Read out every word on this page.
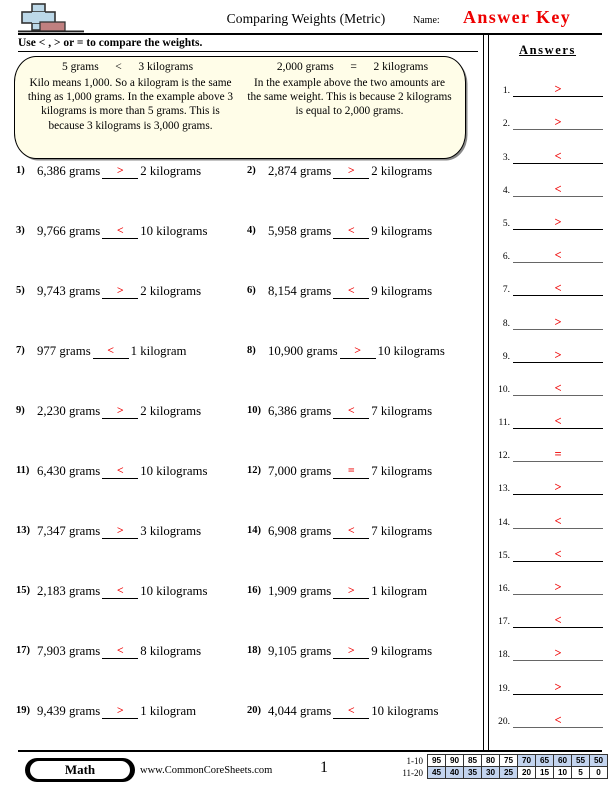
Comparing Weights (Metric)	Name: Answer Key
Use < , > or = to compare the weights.
5 grams < 3 kilograms	2,000 grams = 2 kilograms
Kilo means 1,000. So a kilogram is the same thing as 1,000 grams. In the example above 3 kilograms is more than 5 grams. This is because 3 kilograms is 3,000 grams.
In the example above the two amounts are the same weight. This is because 2 kilograms is equal to 2,000 grams.
1) 6,386 grams > 2 kilograms	2) 2,874 grams > 2 kilograms
3) 9,766 grams < 10 kilograms	4) 5,958 grams < 9 kilograms
5) 9,743 grams > 2 kilograms	6) 8,154 grams < 9 kilograms
7) 977 grams < 1 kilogram	8) 10,900 grams > 10 kilograms
9) 2,230 grams > 2 kilograms	10) 6,386 grams < 7 kilograms
11) 6,430 grams < 10 kilograms	12) 7,000 grams = 7 kilograms
13) 7,347 grams > 3 kilograms	14) 6,908 grams < 7 kilograms
15) 2,183 grams < 10 kilograms	16) 1,909 grams > 1 kilogram
17) 7,903 grams < 8 kilograms	18) 9,105 grams > 9 kilograms
19) 9,439 grams > 1 kilogram	20) 4,044 grams < 10 kilograms
Answers
1.	>
2.	>
3.	<
4.	<
5.	>
6.	<
7.	<
8.	>
9.	>
10.	<
11.	<
12.	=
13.	>
14.	<
15.	<
16.	>
17.	<
18.	>
19.	>
20.	<
Math	www.CommonCoreSheets.com	1	1-10	95	90	85	80	75	70	65	60	55	50
11-20	45	40	35	30	25	20	15	10	5	0
